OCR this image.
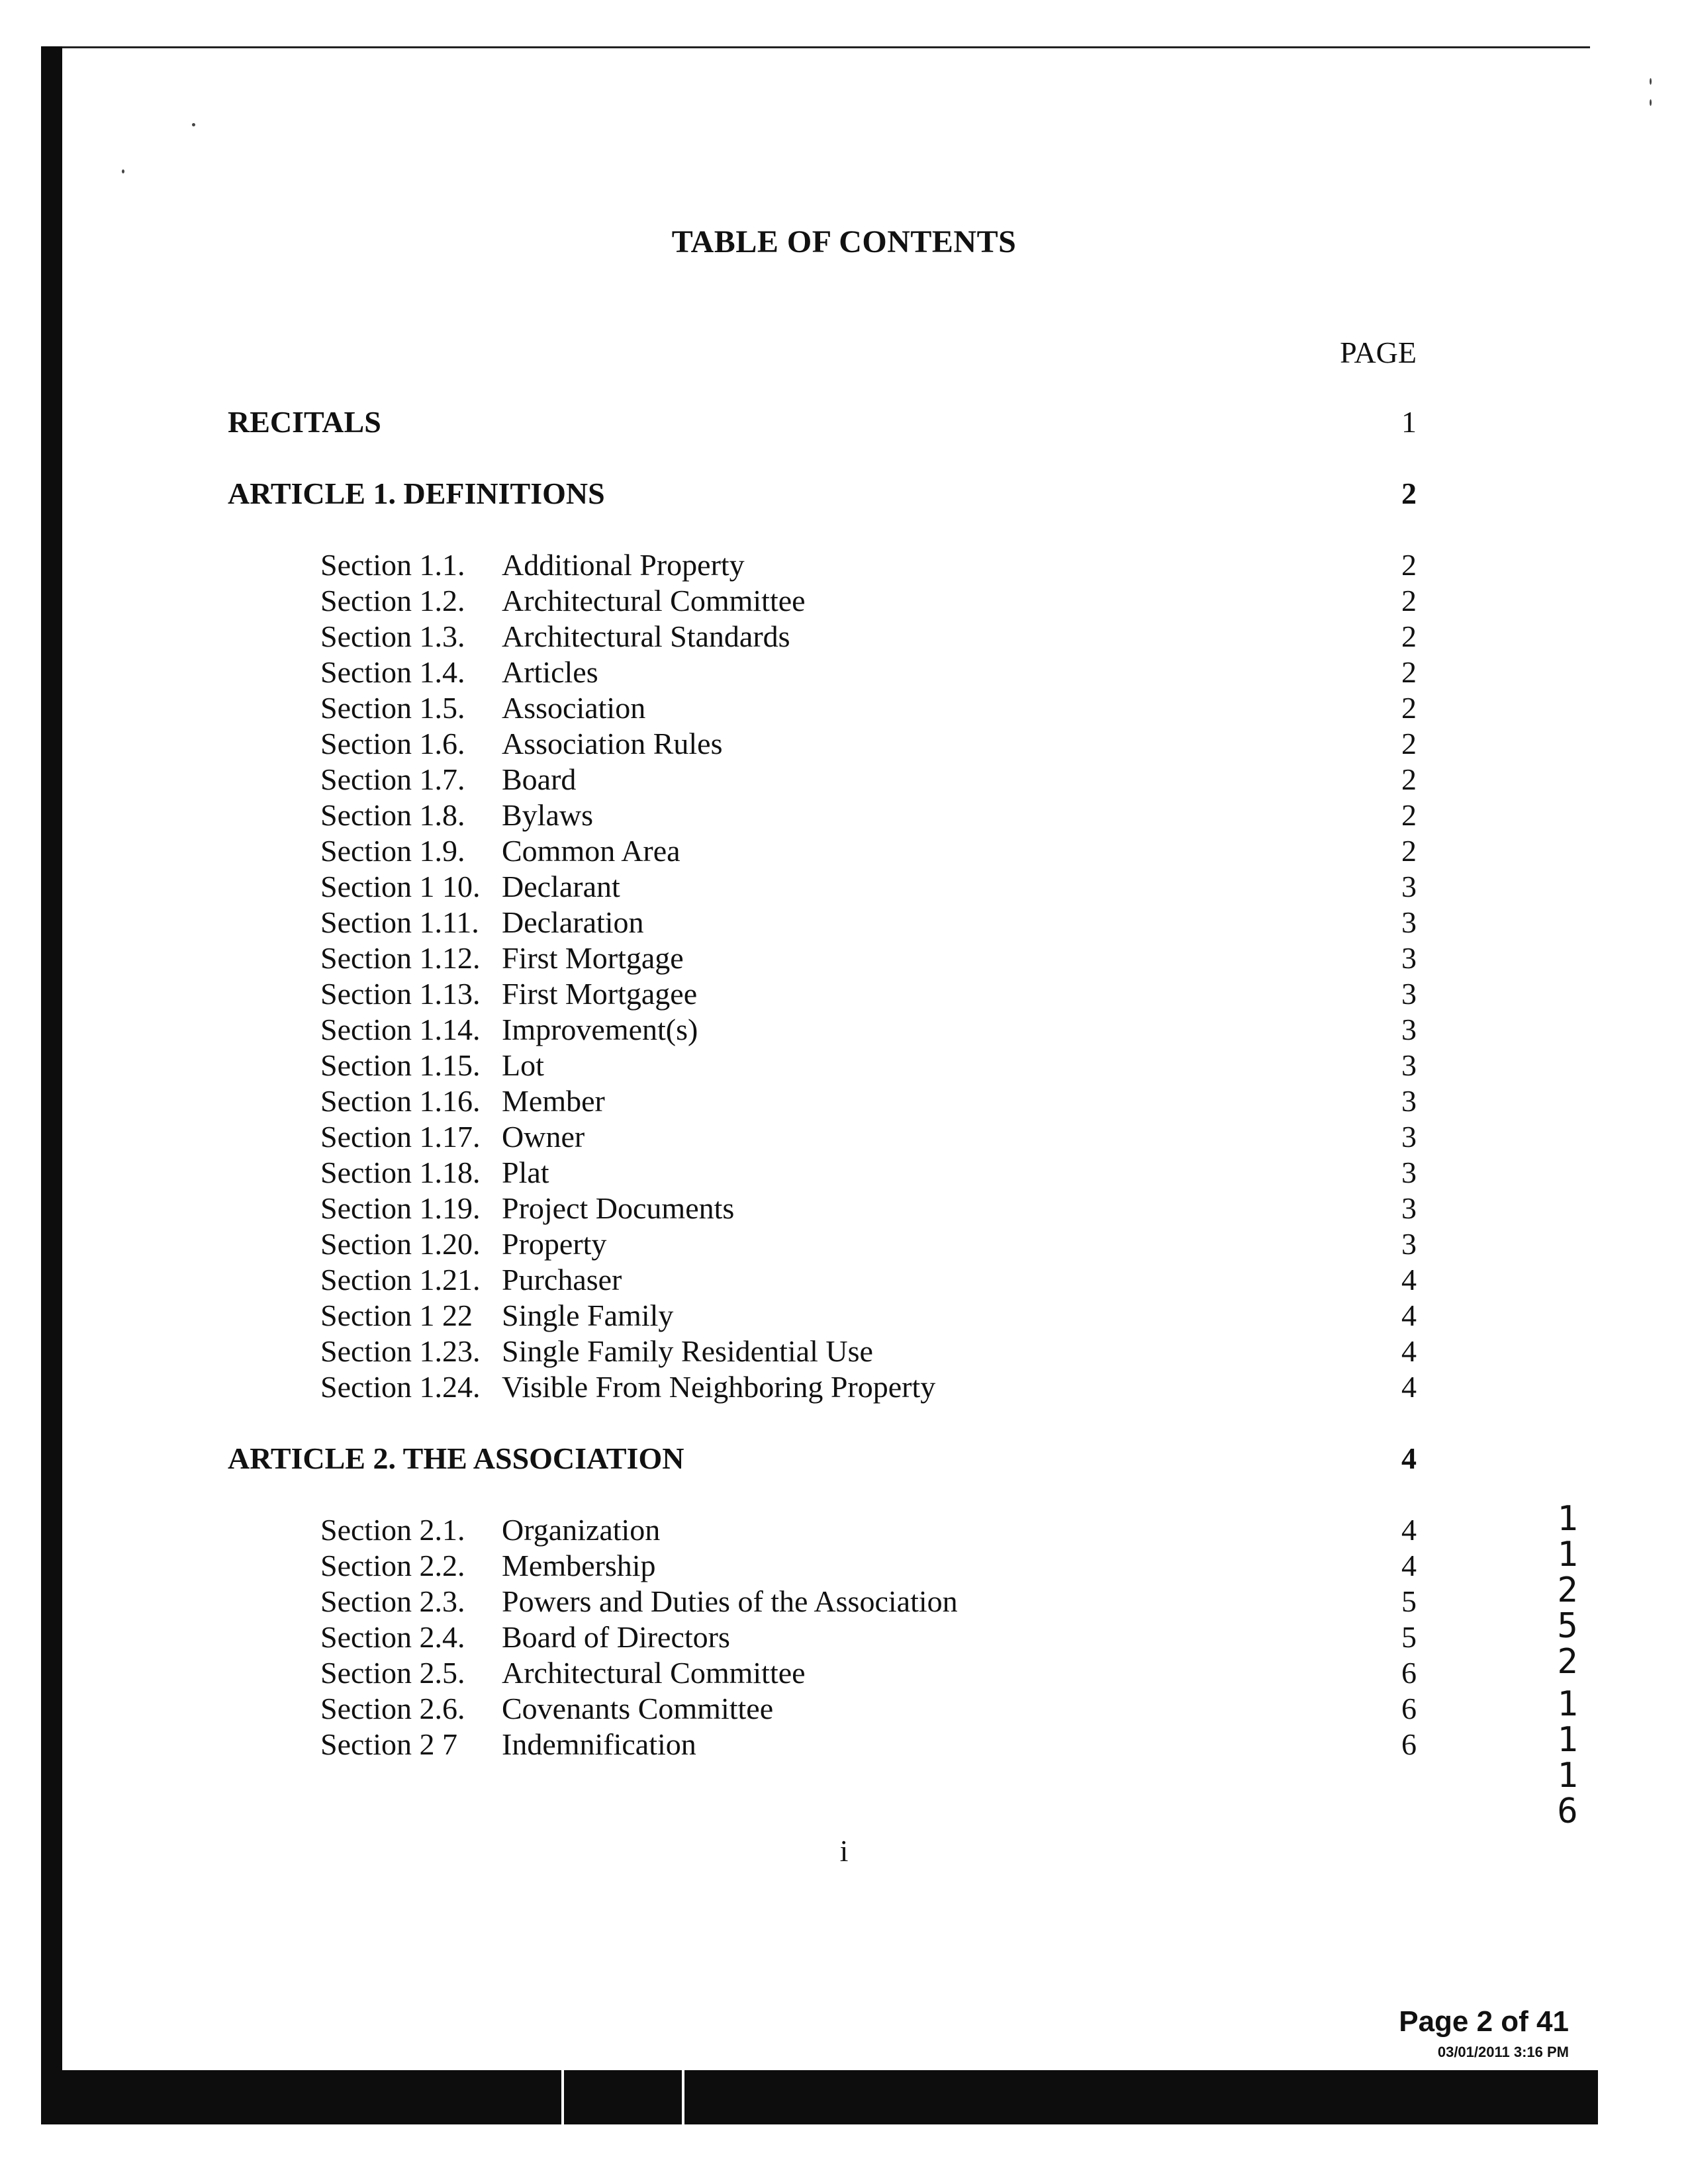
TABLE OF CONTENTS
PAGE
RECITALS	1
ARTICLE 1. DEFINITIONS	2
Section 1.1. Additional Property	2
Section 1.2. Architectural Committee	2
Section 1.3. Architectural Standards	2
Section 1.4. Articles	2
Section 1.5. Association	2
Section 1.6. Association Rules	2
Section 1.7. Board	2
Section 1.8. Bylaws	2
Section 1.9. Common Area	2
Section 1 10. Declarant	3
Section 1.11. Declaration	3
Section 1.12. First Mortgage	3
Section 1.13. First Mortgagee	3
Section 1.14. Improvement(s)	3
Section 1.15. Lot	3
Section 1.16. Member	3
Section 1.17. Owner	3
Section 1.18. Plat	3
Section 1.19. Project Documents	3
Section 1.20. Property	3
Section 1.21. Purchaser	4
Section 1 22 Single Family	4
Section 1.23. Single Family Residential Use	4
Section 1.24. Visible From Neighboring Property	4
ARTICLE 2. THE ASSOCIATION	4
Section 2.1. Organization	4
Section 2.2. Membership	4
Section 2.3. Powers and Duties of the Association	5
Section 2.4. Board of Directors	5
Section 2.5. Architectural Committee	6
Section 2.6. Covenants Committee	6
Section 2 7 Indemnification	6
1
1
2
5
2
1
1
1
6
i
Page 2 of 41
03/01/2011 3:16 PM
